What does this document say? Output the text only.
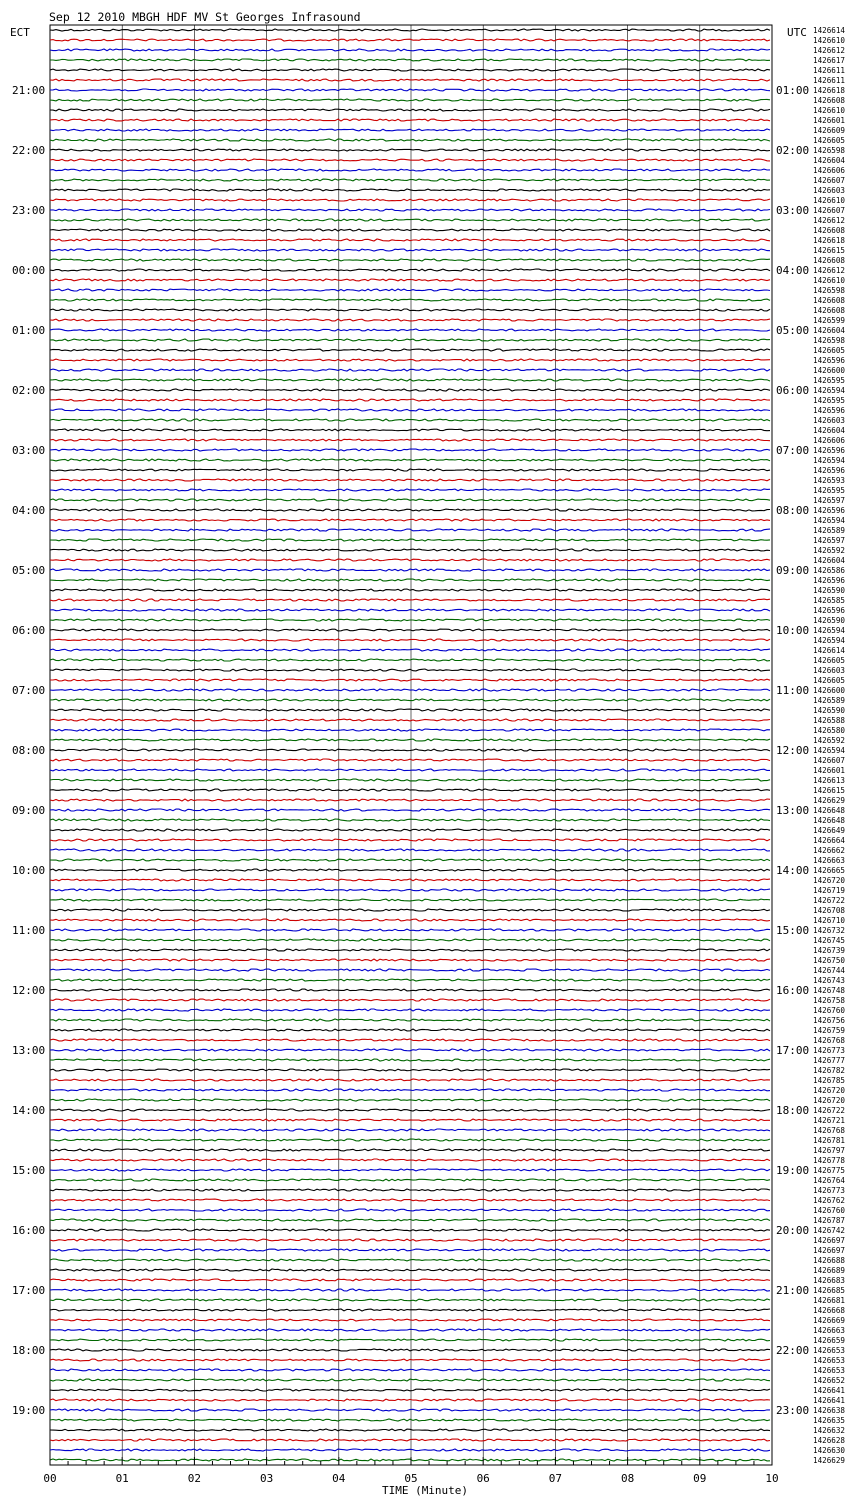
Sep 12 2010 MBGH HDF MV St Georges Infrasound
ECT	UTC
21:00
22:00
23:00
00:00
01:00
02:00
03:00
04:00
05:00
06:00
07:00
08:00
09:00
10:00
11:00
12:00
13:00
14:00
15:00
16:00
17:00
18:00
19:00
01:00
02:00
03:00
04:00
05:00
06:00
07:00
08:00
09:00
10:00
11:00
12:00
13:00
14:00
15:00
16:00
17:00
18:00
19:00
20:00
21:00
22:00
23:00
1426614
1426610
1426612
1426617
1426611
1426611
1426618
1426608
1426610
1426601
1426609
1426605
1426598
1426604
1426606
1426607
1426603
1426610
1426607
1426612
1426608
1426618
1426615
1426608
1426612
1426610
1426598
1426608
1426608
1426599
1426604
1426598
1426605
1426596
1426600
1426595
1426594
1426595
1426596
1426603
1426604
1426606
1426596
1426594
1426596
1426593
1426595
1426597
1426596
1426594
1426589
1426597
1426592
1426604
1426586
1426596
1426590
1426585
1426596
1426590
1426594
1426594
1426614
1426605
1426603
1426605
1426600
1426589
1426590
1426588
1426580
1426592
1426594
1426607
1426601
1426613
1426615
1426629
1426648
1426648
1426649
1426664
1426662
1426663
1426665
1426720
1426719
1426722
1426708
1426710
1426732
1426745
1426739
1426750
1426744
1426743
1426748
1426758
1426760
1426756
1426759
1426768
1426773
1426777
1426782
1426785
1426720
1426720
1426722
1426721
1426768
1426781
1426797
1426778
1426775
1426764
1426773
1426762
1426760
1426787
1426742
1426697
1426697
1426688
1426689
1426683
1426685
1426681
1426668
1426669
1426663
1426659
1426653
1426653
1426653
1426652
1426641
1426641
1426638
1426635
1426632
1426628
1426630
1426629
00	01	02	03	04	05	06	07	08	09	10
TIME (Minute)
